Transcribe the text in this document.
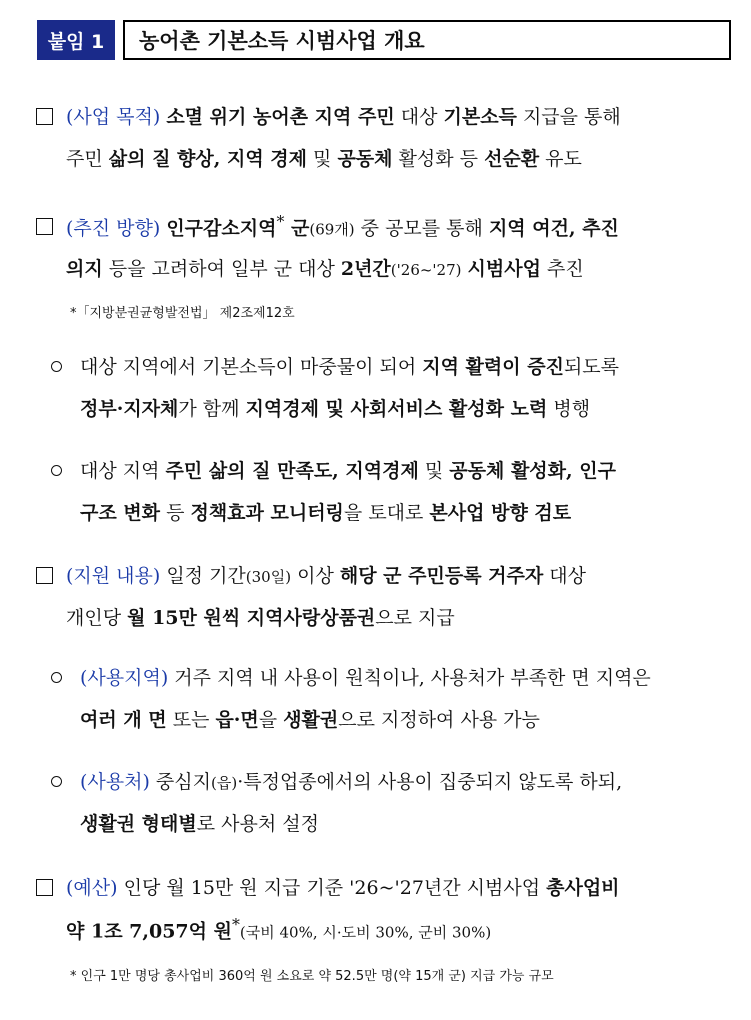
붙임 1	농어촌 기본소득 시범사업 개요
(사업 목적) 소멸 위기 농어촌 지역 주민 대상 기본소득 지급을 통해
주민 삶의 질 향상, 지역 경제 및 공동체 활성화 등 선순환 유도
(추진 방향) 인구감소지역* 군(69개) 중 공모를 통해 지역 여건, 추진
의지 등을 고려하여 일부 군 대상 2년간('26~'27) 시범사업 추진
*「지방분권균형발전법」 제2조제12호
대상 지역에서 기본소득이 마중물이 되어 지역 활력이 증진되도록
정부·지자체가 함께 지역경제 및 사회서비스 활성화 노력 병행
대상 지역 주민 삶의 질 만족도, 지역경제 및 공동체 활성화, 인구
구조 변화 등 정책효과 모니터링을 토대로 본사업 방향 검토
(지원 내용) 일정 기간(30일) 이상 해당 군 주민등록 거주자 대상
개인당 월 15만 원씩 지역사랑상품권으로 지급
(사용지역) 거주 지역 내 사용이 원칙이나, 사용처가 부족한 면 지역은
여러 개 면 또는 읍·면을 생활권으로 지정하여 사용 가능
(사용처) 중심지(읍)·특정업종에서의 사용이 집중되지 않도록 하되,
생활권 형태별로 사용처 설정
(예산) 인당 월 15만 원 지급 기준 '26~'27년간 시범사업 총사업비
약 1조 7,057억 원*(국비 40%, 시·도비 30%, 군비 30%)
* 인구 1만 명당 총사업비 360억 원 소요로 약 52.5만 명(약 15개 군) 지급 가능 규모
